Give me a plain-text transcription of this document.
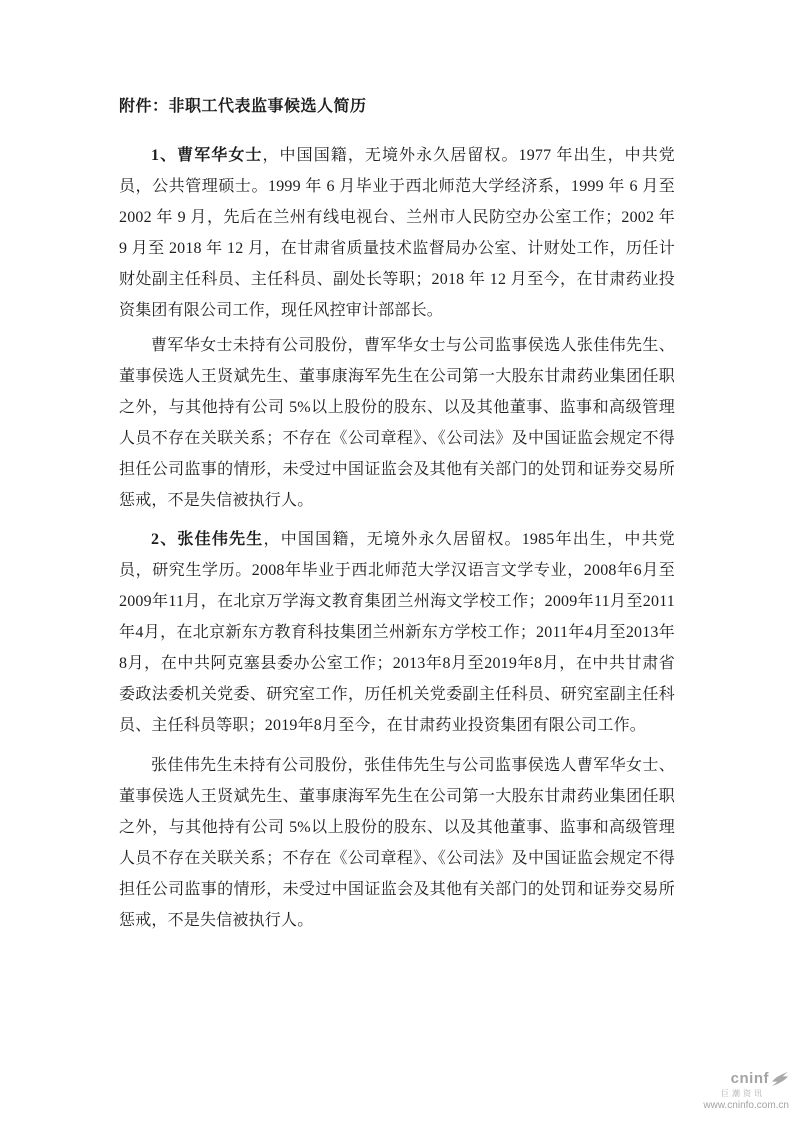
附件：非职工代表监事候选人简历

1、曹军华女士，中国国籍，无境外永久居留权。1977 年出生，中共党员，公共管理硕士。1999 年 6 月毕业于西北师范大学经济系，1999 年 6 月至 2002 年 9 月，先后在兰州有线电视台、兰州市人民防空办公室工作；2002 年 9 月至 2018 年 12 月，在甘肃省质量技术监督局办公室、计财处工作，历任计财处副主任科员、主任科员、副处长等职；2018 年 12 月至今，在甘肃药业投资集团有限公司工作，现任风控审计部部长。

曹军华女士未持有公司股份，曹军华女士与公司监事侯选人张佳伟先生、董事侯选人王贤斌先生、董事康海军先生在公司第一大股东甘肃药业集团任职之外，与其他持有公司 5%以上股份的股东、以及其他董事、监事和高级管理人员不存在关联关系；不存在《公司章程》、《公司法》及中国证监会规定不得担任公司监事的情形，未受过中国证监会及其他有关部门的处罚和证券交易所惩戒，不是失信被执行人。

2、张佳伟先生，中国国籍，无境外永久居留权。1985年出生，中共党员，研究生学历。2008年毕业于西北师范大学汉语言文学专业，2008年6月至2009年11月，在北京万学海文教育集团兰州海文学校工作；2009年11月至2011年4月，在北京新东方教育科技集团兰州新东方学校工作；2011年4月至2013年8月，在中共阿克塞县委办公室工作；2013年8月至2019年8月，在中共甘肃省委政法委机关党委、研究室工作，历任机关党委副主任科员、研究室副主任科员、主任科员等职；2019年8月至今，在甘肃药业投资集团有限公司工作。

张佳伟先生未持有公司股份，张佳伟先生与公司监事侯选人曹军华女士、董事侯选人王贤斌先生、董事康海军先生在公司第一大股东甘肃药业集团任职之外，与其他持有公司 5%以上股份的股东、以及其他董事、监事和高级管理人员不存在关联关系；不存在《公司章程》、《公司法》及中国证监会规定不得担任公司监事的情形，未受过中国证监会及其他有关部门的处罚和证券交易所惩戒，不是失信被执行人。

cninf
巨潮资讯
www.cninfo.com.cn
